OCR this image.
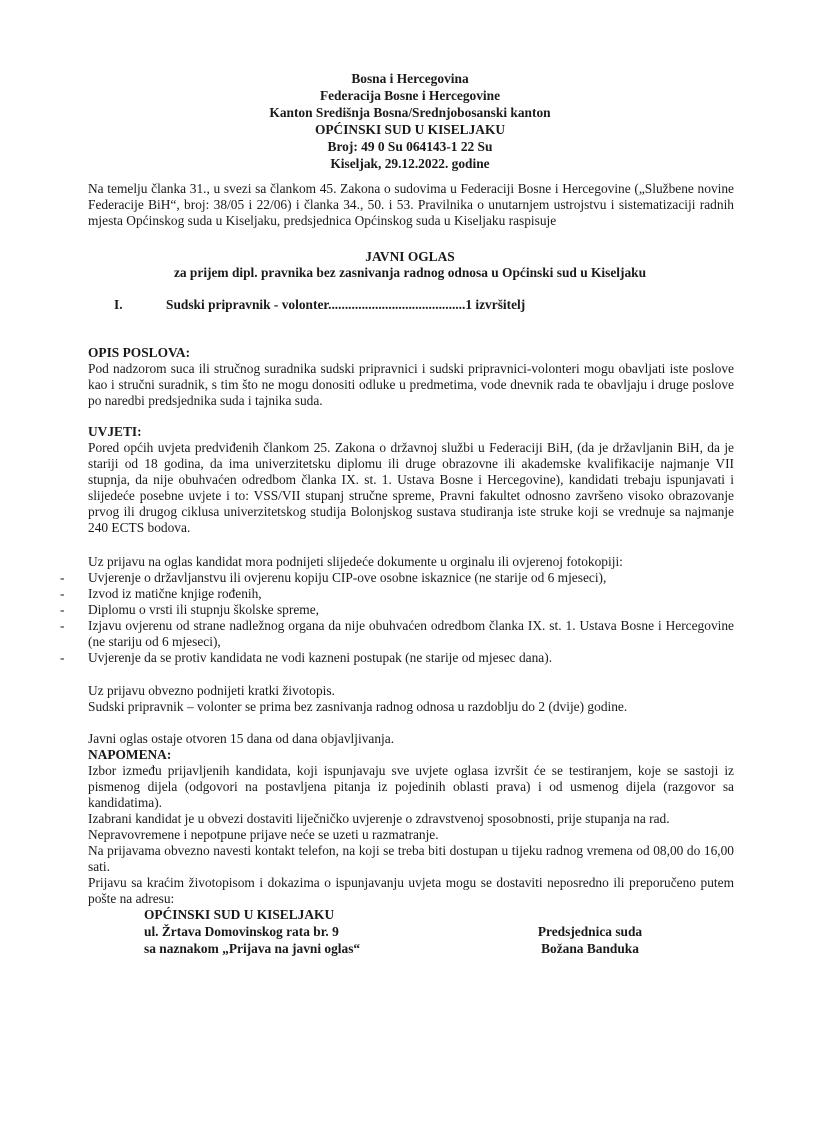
Bosna i Hercegovina
Federacija Bosne i Hercegovine
Kanton Središnja Bosna/Srednjobosanski kanton
OPĆINSKI SUD U KISELJAKU
Broj: 49 0 Su 064143-1 22 Su
Kiseljak, 29.12.2022. godine

Na temelju članka 31., u svezi sa člankom 45. Zakona o sudovima u Federaciji Bosne i Hercegovine („Službene novine Federacije BiH“, broj: 38/05 i 22/06) i članka 34., 50. i 53. Pravilnika o unutarnjem ustrojstvu i sistematizaciji radnih mjesta Općinskog suda u Kiseljaku, predsjednica Općinskog suda u Kiseljaku raspisuje

JAVNI OGLAS
za prijem dipl. pravnika bez zasnivanja radnog odnosa u Općinski sud u Kiseljaku
I.	Sudski pripravnik - volonter.........................................1 izvršitelj
OPIS POSLOVA:

Pod nadzorom suca ili stručnog suradnika sudski pripravnici i sudski pripravnici-volonteri mogu obavljati iste poslove kao i stručni suradnik, s tim što ne mogu donositi odluke u predmetima, vode dnevnik rada te obavljaju i druge poslove po naredbi predsjednika suda i tajnika suda.

UVJETI:

Pored općih uvjeta predviđenih člankom 25. Zakona o državnoj službi u Federaciji BiH, (da je državljanin BiH, da je stariji od 18 godina, da ima univerzitetsku diplomu ili druge obrazovne ili akademske kvalifikacije najmanje VII stupnja, da nije obuhvaćen odredbom članka IX. st. 1. Ustava Bosne i Hercegovine), kandidati trebaju ispunjavati i slijedeće posebne uvjete i to: VSS/VII stupanj stručne spreme, Pravni fakultet odnosno završeno visoko obrazovanje prvog ili drugog ciklusa univerzitetskog studija Bolonjskog sustava studiranja iste struke koji se vrednuje sa najmanje 240 ECTS bodova.

Uz prijavu na oglas kandidat mora podnijeti slijedeće dokumente u orginalu ili ovjerenoj fotokopiji:

- Uvjerenje o državljanstvu ili ovjerenu kopiju CIP-ove osobne iskaznice (ne starije od 6 mjeseci),
- Izvod iz matične knjige rođenih,
- Diplomu o vrsti ili stupnju školske spreme,
- Izjavu ovjerenu od strane nadležnog organa da nije obuhvaćen odredbom članka IX. st. 1. Ustava Bosne i Hercegovine (ne stariju od 6 mjeseci),
- Uvjerenje da se protiv kandidata ne vodi kazneni postupak (ne starije od mjesec dana).

Uz prijavu obvezno podnijeti kratki životopis.

Sudski pripravnik – volonter se prima bez zasnivanja radnog odnosa u razdoblju do 2 (dvije) godine.

Javni oglas ostaje otvoren 15 dana od dana objavljivanja.

NAPOMENA:

Izbor između prijavljenih kandidata, koji ispunjavaju sve uvjete oglasa izvršit će se testiranjem, koje se sastoji iz pismenog dijela (odgovori na postavljena pitanja iz pojedinih oblasti prava) i od usmenog dijela (razgovor sa kandidatima).

Izabrani kandidat je u obvezi dostaviti liječničko uvjerenje o zdravstvenoj sposobnosti, prije stupanja na rad.

Nepravovremene i nepotpune prijave neće se uzeti u razmatranje.

Na prijavama obvezno navesti kontakt telefon, na koji se treba biti dostupan u tijeku radnog vremena od 08,00 do 16,00 sati.

Prijavu sa kraćim životopisom i dokazima o ispunjavanju uvjeta mogu se dostaviti neposredno ili preporučeno putem pošte na adresu:

OPĆINSKI SUD U KISELJAKU
ul. Žrtava Domovinskog rata br. 9
sa naznakom „Prijava na javni oglas“
Predsjednica suda
Božana Banduka
